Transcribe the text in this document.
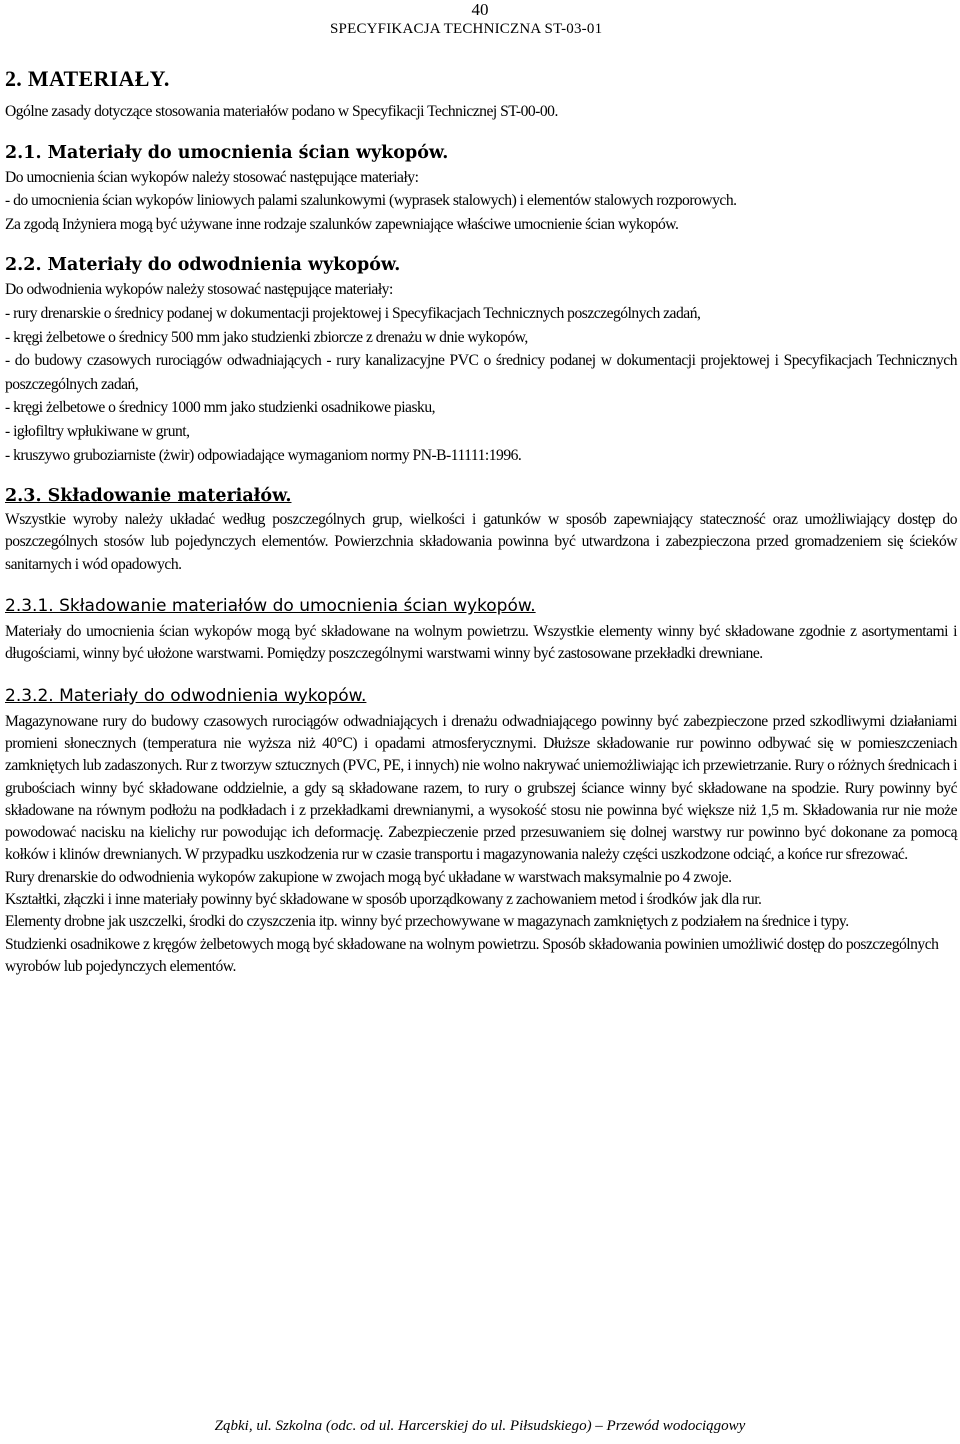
40
SPECYFIKACJA TECHNICZNA ST-03-01
2. MATERIAŁY.

Ogólne zasady dotyczące stosowania materiałów podano w Specyfikacji Technicznej ST-00-00.

2.1. Materiały do umocnienia ścian wykopów.

Do umocnienia ścian wykopów należy stosować następujące materiały:

- do umocnienia ścian wykopów liniowych palami szalunkowymi (wyprasek stalowych) i elementów stalowych rozporowych.

Za zgodą Inżyniera mogą być używane inne rodzaje szalunków zapewniające właściwe umocnienie ścian wykopów.

2.2. Materiały do odwodnienia wykopów.

Do odwodnienia wykopów należy stosować następujące materiały:

- rury drenarskie o średnicy podanej w dokumentacji projektowej i Specyfikacjach Technicznych poszczególnych zadań,

- kręgi żelbetowe o średnicy 500 mm jako studzienki zbiorcze z drenażu w dnie wykopów,

- do budowy czasowych rurociągów odwadniających - rury kanalizacyjne PVC o średnicy podanej w dokumentacji projektowej i Specyfikacjach Technicznych poszczególnych zadań,

- kręgi żelbetowe o średnicy 1000 mm jako studzienki osadnikowe piasku,

- igłofiltry wpłukiwane w grunt,

- kruszywo gruboziarniste (żwir) odpowiadające wymaganiom normy PN-B-11111:1996.

2.3. Składowanie materiałów.

Wszystkie wyroby należy układać według poszczególnych grup, wielkości i gatunków w sposób zapewniający stateczność oraz umożliwiający dostęp do poszczególnych stosów lub pojedynczych elementów. Powierzchnia składowania powinna być utwardzona i zabezpieczona przed gromadzeniem się ścieków sanitarnych i wód opadowych.

2.3.1. Składowanie materiałów do umocnienia ścian wykopów.

Materiały do umocnienia ścian wykopów mogą być składowane na wolnym powietrzu. Wszystkie elementy winny być składowane zgodnie z asortymentami i długościami, winny być ułożone warstwami. Pomiędzy poszczególnymi warstwami winny być zastosowane przekładki drewniane.

2.3.2. Materiały do odwodnienia wykopów.

Magazynowane rury do budowy czasowych rurociągów odwadniających i drenażu odwadniającego powinny być zabezpieczone przed szkodliwymi działaniami promieni słonecznych (temperatura nie wyższa niż 40°C) i opadami atmosferycznymi. Dłuższe składowanie rur powinno odbywać się w pomieszczeniach zamkniętych lub zadaszonych. Rur z tworzyw sztucznych (PVC, PE, i innych) nie wolno nakrywać uniemożliwiając ich przewietrzanie. Rury o różnych średnicach i grubościach winny być składowane oddzielnie, a gdy są składowane razem, to rury o grubszej ściance winny być składowane na spodzie. Rury powinny być składowane na równym podłożu na podkładach i z przekładkami drewnianymi, a wysokość stosu nie powinna być większe niż 1,5 m. Składowania rur nie może powodować nacisku na kielichy rur powodując ich deformację. Zabezpieczenie przed przesuwaniem się dolnej warstwy rur powinno być dokonane za pomocą kołków i klinów drewnianych. W przypadku uszkodzenia rur w czasie transportu i magazynowania należy części uszkodzone odciąć, a końce rur sfrezować.

Rury drenarskie do odwodnienia wykopów zakupione w zwojach mogą być układane w warstwach maksymalnie po 4 zwoje.

Kształtki, złączki i inne materiały powinny być składowane w sposób uporządkowany z zachowaniem metod i środków jak dla rur.

Elementy drobne jak uszczelki, środki do czyszczenia itp. winny być przechowywane w magazynach zamkniętych z podziałem na średnice i typy.

Studzienki osadnikowe z kręgów żelbetowych mogą być składowane na wolnym powietrzu. Sposób składowania powinien umożliwić dostęp do poszczególnych wyrobów lub pojedynczych elementów.

Ząbki, ul. Szkolna (odc. od ul. Harcerskiej do ul. Piłsudskiego) – Przewód wodociągowy
